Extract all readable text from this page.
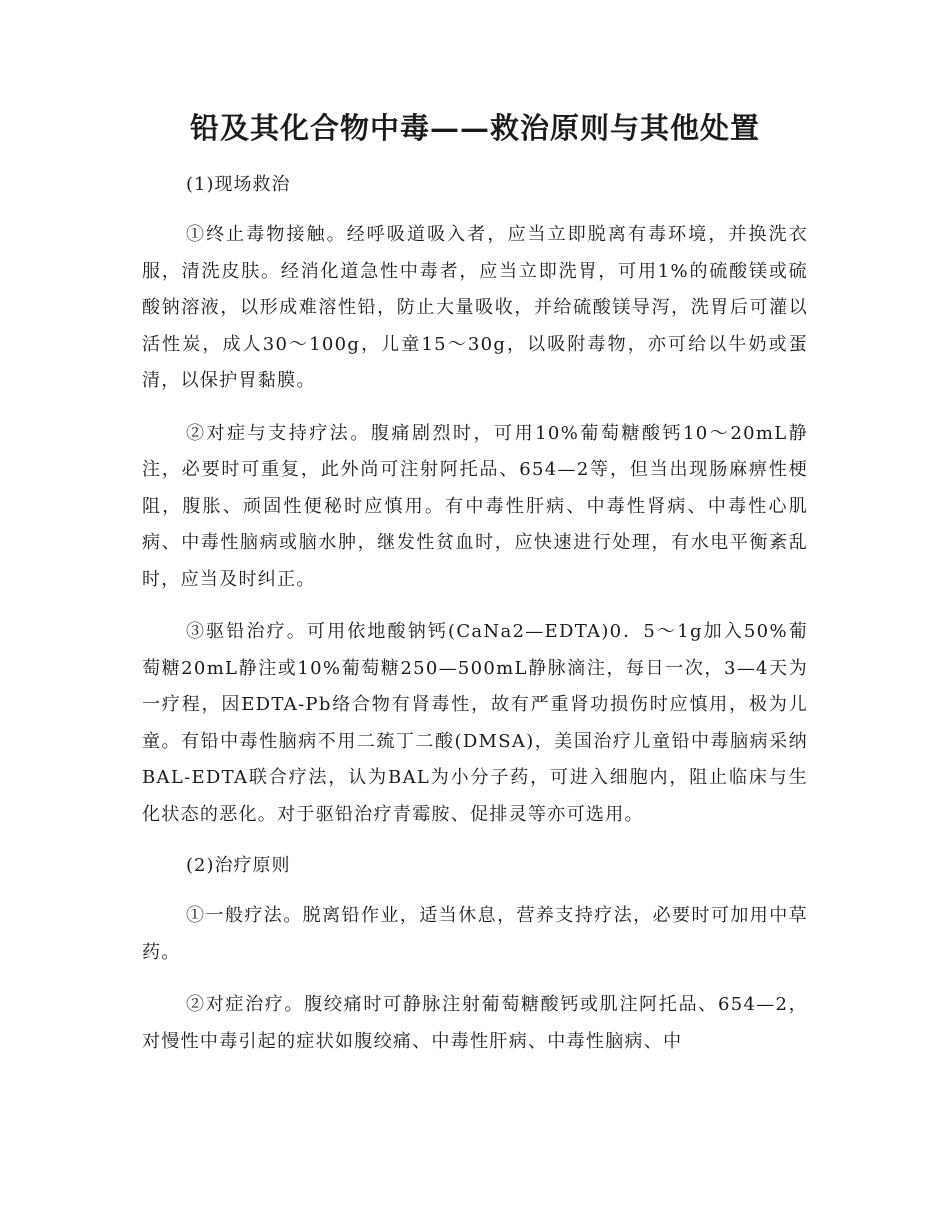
铅及其化合物中毒——救治原则与其他处置

(1)现场救治

①终止毒物接触。经呼吸道吸入者，应当立即脱离有毒环境，并换洗衣服，清洗皮肤。经消化道急性中毒者，应当立即洗胃，可用1%的硫酸镁或硫酸钠溶液，以形成难溶性铅，防止大量吸收，并给硫酸镁导泻，洗胃后可灌以活性炭，成人30～100g，儿童15～30g，以吸附毒物，亦可给以牛奶或蛋清，以保护胃黏膜。

②对症与支持疗法。腹痛剧烈时，可用10%葡萄糖酸钙10～20mL静注，必要时可重复，此外尚可注射阿托品、654—2等，但当出现肠麻痹性梗阻，腹胀、顽固性便秘时应慎用。有中毒性肝病、中毒性肾病、中毒性心肌病、中毒性脑病或脑水肿，继发性贫血时，应快速进行处理，有水电平衡紊乱时，应当及时纠正。

③驱铅治疗。可用依地酸钠钙(CaNa2—EDTA)0．5～1g加入50%葡萄糖20mL静注或10%葡萄糖250—500mL静脉滴注，每日一次，3—4天为一疗程，因EDTA-Pb络合物有肾毒性，故有严重肾功损伤时应慎用，极为儿童。有铅中毒性脑病不用二巯丁二酸(DMSA)，美国治疗儿童铅中毒脑病采纳BAL-EDTA联合疗法，认为BAL为小分子药，可进入细胞内，阻止临床与生化状态的恶化。对于驱铅治疗青霉胺、促排灵等亦可选用。

(2)治疗原则

①一般疗法。脱离铅作业，适当休息，营养支持疗法，必要时可加用中草药。

②对症治疗。腹绞痛时可静脉注射葡萄糖酸钙或肌注阿托品、654—2，对慢性中毒引起的症状如腹绞痛、中毒性肝病、中毒性脑病、中
